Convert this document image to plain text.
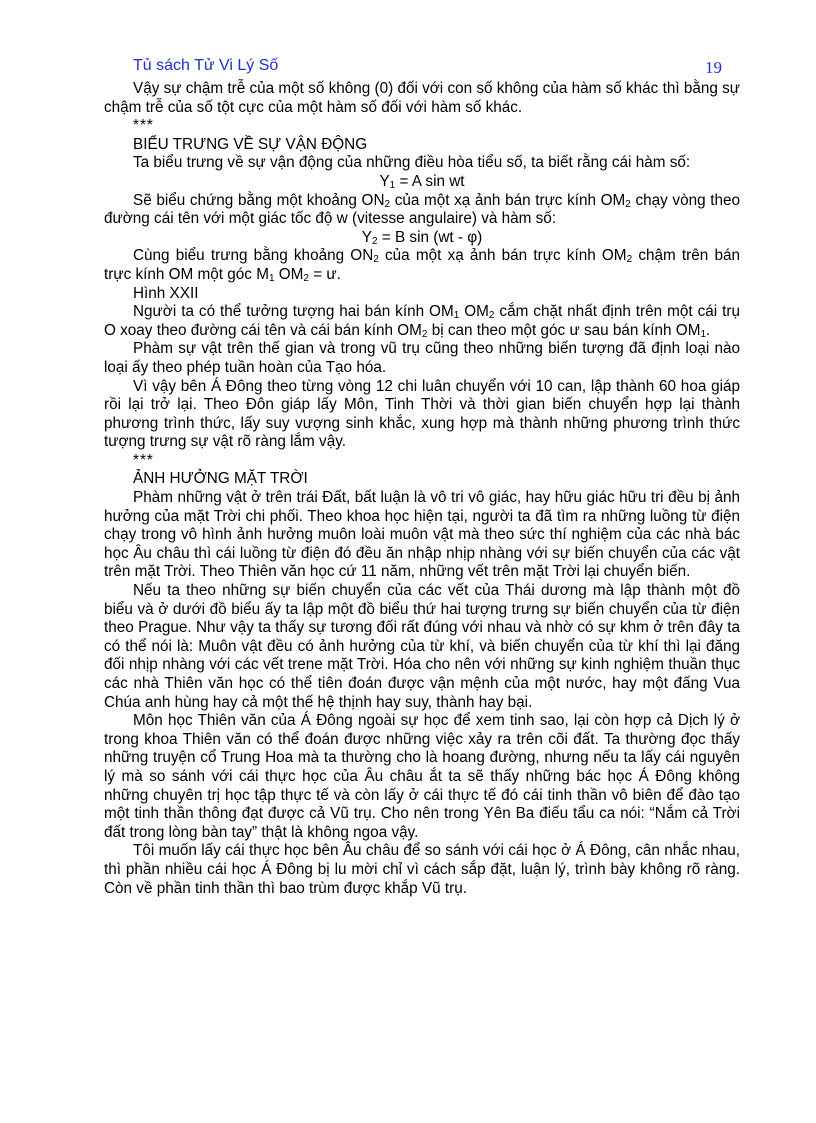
Tủ sách Tử Vi Lý Số	19

Vậy sự chậm trễ của một số không (0) đối với con số không của hàm số khác thì bằng sự chậm trễ của số tột cực của một hàm số đối với hàm số khác.

***

BIỂU TRƯNG VỀ SỰ VẬN ĐỘNG

Ta biểu trưng về sự vận động của những điều hòa tiểu số, ta biết rằng cái hàm số:

$Y_1 = A$ sin wt

Sẽ biểu chứng bằng một khoảng $ON_2$ của một xạ ảnh bán trực kính $OM_2$ chạy vòng theo đường cái tên với một giác tốc độ w (vitesse angulaire) và hàm số:

$Y_2 = B$ sin (wt - φ)

Cùng biểu trưng bằng khoảng $ON_2$ của một xạ ảnh bán trực kính $OM_2$ chậm trên bán trực kính OM một góc $M_1$ $OM_2$ = ư.

Hình XXII

Người ta có thể tưởng tượng hai bán kính $OM_1$ $OM_2$ cắm chặt nhất định trên một cái trụ O xoay theo đường cái tên và cái bán kính $OM_2$ bị can theo một góc ư sau bán kính $OM_1$.

Phàm sự vật trên thế gian và trong vũ trụ cũng theo những biến tượng đã định loại nào loại ấy theo phép tuần hoàn của Tạo hóa.

Vì vậy bên Á Đông theo từng vòng 12 chi luân chuyển với 10 can, lập thành 60 hoa giáp rồi lại trở lại. Theo Đôn giáp lấy Môn, Tinh Thời và thời gian biến chuyển hợp lại thành phương trình thức, lấy suy vượng sinh khắc, xung hợp mà thành những phương trình thức tượng trưng sự vật rõ ràng lắm vậy.

***

ẢNH HƯỞNG MẶT TRỜI

Phàm những vật ở trên trái Đất, bất luận là vô tri vô giác, hay hữu giác hữu tri đều bị ảnh hưởng của mặt Trời chi phối. Theo khoa học hiện tại, người ta đã tìm ra những luồng từ điện chạy trong vô hình ảnh hưởng muôn loài muôn vật mà theo sức thí nghiệm của các nhà bác học Âu châu thì cái luồng từ điện đó đều ăn nhập nhịp nhàng với sự biến chuyển của các vật trên mặt Trời. Theo Thiên văn học cứ 11 năm, những vết trên mặt Trời lại chuyển biến.

Nếu ta theo những sự biến chuyển của các vết của Thái dương mà lập thành một đồ biểu và ở dưới đồ biểu ấy ta lập một đồ biểu thứ hai tượng trưng sự biến chuyển của từ điện theo Prague. Như vậy ta thấy sự tương đối rất đúng với nhau và nhờ có sự khm ở trên đây ta có thể nói là: Muôn vật đều có ảnh hưởng của từ khí, và biến chuyển của từ khí thì lại đăng đối nhịp nhàng với các vết trene mặt Trời. Hóa cho nên với những sự kinh nghiệm thuần thục các nhà Thiên văn học có thể tiên đoán được vận mệnh của một nước, hay một đấng Vua Chúa anh hùng hay cả một thế hệ thịnh hay suy, thành hay bại.

Môn học Thiên văn của Á Đông ngoài sự học để xem tinh sao, lại còn hợp cả Dịch lý ở trong khoa Thiên văn có thể đoán được những việc xảy ra trên cõi đất. Ta thường đọc thấy những truyện cổ Trung Hoa mà ta thường cho là hoang đường, nhưng nếu ta lấy cái nguyên lý mà so sánh với cái thực học của Âu châu ắt ta sẽ thấy những bác học Á Đông không những chuyên trị học tập thực tế và còn lấy ở cái thực tế đó cái tinh thần vô biên để đào tạo một tinh thần thông đạt được cả Vũ trụ. Cho nên trong Yên Ba điếu tẩu ca nói: “Nắm cả Trời đất trong lòng bàn tay” thật là không ngoa vậy.

Tôi muốn lấy cái thực học bên Âu châu để so sánh với cái học ở Á Đông, cân nhắc nhau, thì phần nhiều cái học Á Đông bị lu mời chỉ vì cách sắp đặt, luận lý, trình bày không rõ ràng. Còn về phần tinh thần thì bao trùm được khắp Vũ trụ.
